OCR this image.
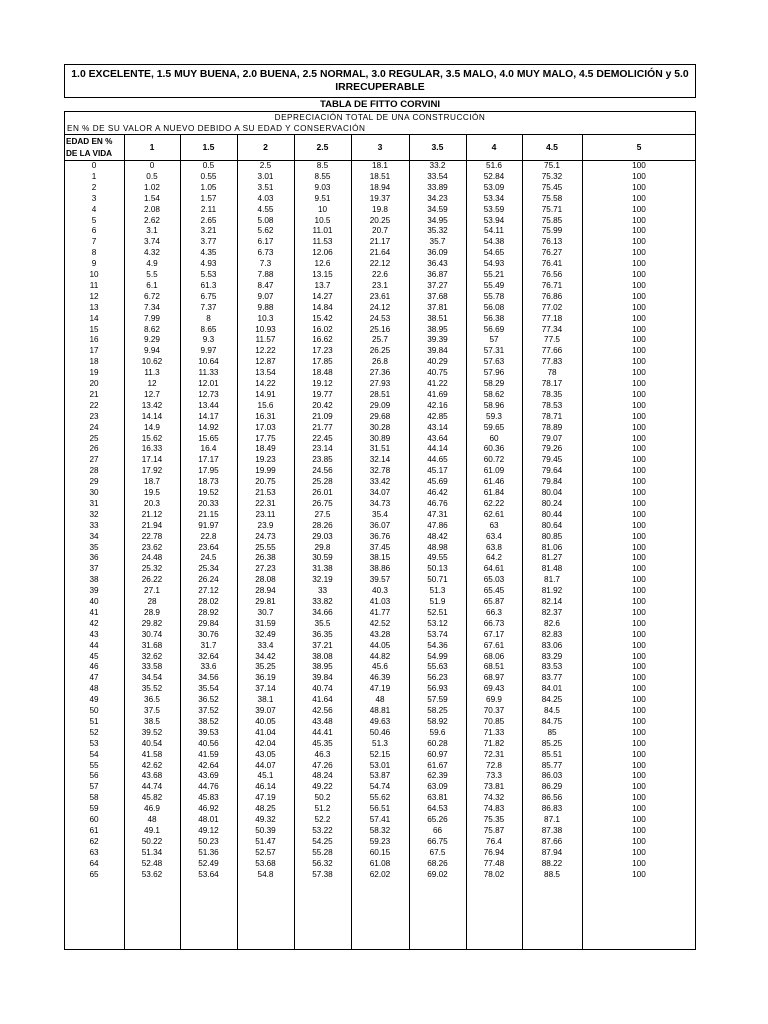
1.0 EXCELENTE, 1.5 MUY BUENA, 2.0 BUENA, 2.5 NORMAL, 3.0 REGULAR, 3.5 MALO, 4.0 MUY MALO, 4.5 DEMOLICIÓN y 5.0 IRRECUPERABLE
TABLA DE FITTO CORVINI
DEPRECIACIÓN TOTAL DE UNA CONSTRUCCIÓN
EN % DE SU VALOR A NUEVO DEBIDO A SU EDAD Y CONSERVACIÓN
EDAD EN %
DE LA VIDA
1	1.5	2	2.5	3	3.5	4	4.5	5
0	0	0.5	2.5	8.5	18.1	33.2	51.6	75.1	100
1	0.5	0.55	3.01	8.55	18.51	33.54	52.84	75.32	100
2	1.02	1.05	3.51	9.03	18.94	33.89	53.09	75.45	100
3	1.54	1.57	4.03	9.51	19.37	34.23	53.34	75.58	100
4	2.08	2.11	4.55	10	19.8	34.59	53.59	75.71	100
5	2.62	2.65	5.08	10.5	20.25	34.95	53.94	75.85	100
6	3.1	3.21	5.62	11.01	20.7	35.32	54.11	75.99	100
7	3.74	3.77	6.17	11.53	21.17	35.7	54.38	76.13	100
8	4.32	4.35	6.73	12.06	21.64	36.09	54.65	76.27	100
9	4.9	4.93	7.3	12.6	22.12	36.43	54.93	76.41	100
10	5.5	5.53	7.88	13.15	22.6	36.87	55.21	76.56	100
11	6.1	61.3	8.47	13.7	23.1	37.27	55.49	76.71	100
12	6.72	6.75	9.07	14.27	23.61	37.68	55.78	76.86	100
13	7.34	7.37	9.88	14.84	24.12	37.81	56.08	77.02	100
14	7.99	8	10.3	15.42	24.53	38.51	56.38	77.18	100
15	8.62	8.65	10.93	16.02	25.16	38.95	56.69	77.34	100
16	9.29	9.3	11.57	16.62	25.7	39.39	57	77.5	100
17	9.94	9.97	12.22	17.23	26.25	39.84	57.31	77.66	100
18	10.62	10.64	12.87	17.85	26.8	40.29	57.63	77.83	100
19	11.3	11.33	13.54	18.48	27.36	40.75	57.96	78	100
20	12	12.01	14.22	19.12	27.93	41.22	58.29	78.17	100
21	12.7	12.73	14.91	19.77	28.51	41.69	58.62	78.35	100
22	13.42	13.44	15.6	20.42	29.09	42.16	58.96	78.53	100
23	14.14	14.17	16.31	21.09	29.68	42.85	59.3	78.71	100
24	14.9	14.92	17.03	21.77	30.28	43.14	59.65	78.89	100
25	15.62	15.65	17.75	22.45	30.89	43.64	60	79.07	100
26	16.33	16.4	18.49	23.14	31.51	44.14	60.36	79.26	100
27	17.14	17.17	19.23	23.85	32.14	44.65	60.72	79.45	100
28	17.92	17.95	19.99	24.56	32.78	45.17	61.09	79.64	100
29	18.7	18.73	20.75	25.28	33.42	45.69	61.46	79.84	100
30	19.5	19.52	21.53	26.01	34.07	46.42	61.84	80.04	100
31	20.3	20.33	22.31	26.75	34.73	46.76	62.22	80.24	100
32	21.12	21.15	23.11	27.5	35.4	47.31	62.61	80.44	100
33	21.94	91.97	23.9	28.26	36.07	47.86	63	80.64	100
34	22.78	22.8	24.73	29.03	36.76	48.42	63.4	80.85	100
35	23.62	23.64	25.55	29.8	37.45	48.98	63.8	81.06	100
36	24.48	24.5	26.38	30.59	38.15	49.55	64.2	81.27	100
37	25.32	25.34	27.23	31.38	38.86	50.13	64.61	81.48	100
38	26.22	26.24	28.08	32.19	39.57	50.71	65.03	81.7	100
39	27.1	27.12	28.94	33	40.3	51.3	65.45	81.92	100
40	28	28.02	29.81	33.82	41.03	51.9	65.87	82.14	100
41	28.9	28.92	30.7	34.66	41.77	52.51	66.3	82.37	100
42	29.82	29.84	31.59	35.5	42.52	53.12	66.73	82.6	100
43	30.74	30.76	32.49	36.35	43.28	53.74	67.17	82.83	100
44	31.68	31.7	33.4	37.21	44.05	54.36	67.61	83.06	100
45	32.62	32.64	34.42	38.08	44.82	54.99	68.06	83.29	100
46	33.58	33.6	35.25	38.95	45.6	55.63	68.51	83.53	100
47	34.54	34.56	36.19	39.84	46.39	56.23	68.97	83.77	100
48	35.52	35.54	37.14	40.74	47.19	56.93	69.43	84.01	100
49	36.5	36.52	38.1	41.64	48	57.59	69.9	84.25	100
50	37.5	37.52	39.07	42.56	48.81	58.25	70.37	84.5	100
51	38.5	38.52	40.05	43.48	49.63	58.92	70.85	84.75	100
52	39.52	39.53	41.04	44.41	50.46	59.6	71.33	85	100
53	40.54	40.56	42.04	45.35	51.3	60.28	71.82	85.25	100
54	41.58	41.59	43.05	46.3	52.15	60.97	72.31	85.51	100
55	42.62	42.64	44.07	47.26	53.01	61.67	72.8	85.77	100
56	43.68	43.69	45.1	48.24	53.87	62.39	73.3	86.03	100
57	44.74	44.76	46.14	49.22	54.74	63.09	73.81	86.29	100
58	45.82	45.83	47.19	50.2	55.62	63.81	74.32	86.56	100
59	46.9	46.92	48.25	51.2	56.51	64.53	74.83	86.83	100
60	48	48.01	49.32	52.2	57.41	65.26	75.35	87.1	100
61	49.1	49.12	50.39	53.22	58.32	66	75.87	87.38	100
62	50.22	50.23	51.47	54.25	59.23	66.75	76.4	87.66	100
63	51.34	51.36	52.57	55.28	60.15	67.5	76.94	87.94	100
64	52.48	52.49	53.68	56.32	61.08	68.26	77.48	88.22	100
65	53.62	53.64	54.8	57.38	62.02	69.02	78.02	88.5	100
